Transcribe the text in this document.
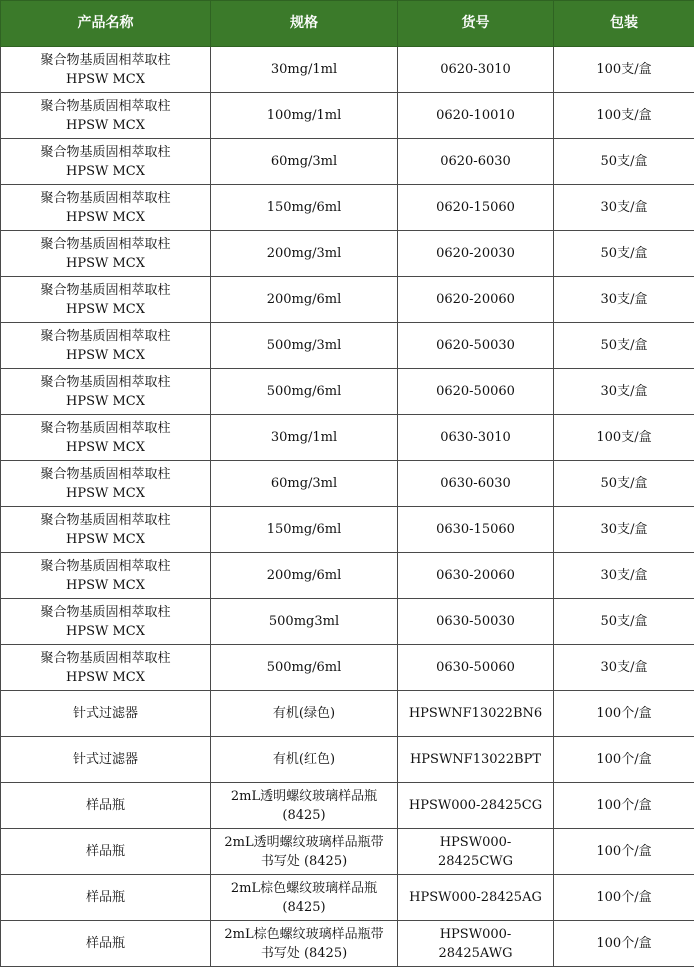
产品名称	规格	货号	包装

聚合物基质固相萃取柱
HPSW MCX	30mg/1ml	0620-3010	100支/盒

聚合物基质固相萃取柱
HPSW MCX	100mg/1ml	0620-10010	100支/盒

聚合物基质固相萃取柱
HPSW MCX	60mg/3ml	0620-6030	50支/盒

聚合物基质固相萃取柱
HPSW MCX	150mg/6ml	0620-15060	30支/盒

聚合物基质固相萃取柱
HPSW MCX	200mg/3ml	0620-20030	50支/盒

聚合物基质固相萃取柱
HPSW MCX	200mg/6ml	0620-20060	30支/盒

聚合物基质固相萃取柱
HPSW MCX	500mg/3ml	0620-50030	50支/盒

聚合物基质固相萃取柱
HPSW MCX	500mg/6ml	0620-50060	30支/盒

聚合物基质固相萃取柱
HPSW MCX	30mg/1ml	0630-3010	100支/盒

聚合物基质固相萃取柱
HPSW MCX	60mg/3ml	0630-6030	50支/盒

聚合物基质固相萃取柱
HPSW MCX	150mg/6ml	0630-15060	30支/盒

聚合物基质固相萃取柱
HPSW MCX	200mg/6ml	0630-20060	30支/盒

聚合物基质固相萃取柱
HPSW MCX	500mg3ml	0630-50030	50支/盒

聚合物基质固相萃取柱
HPSW MCX	500mg/6ml	0630-50060	30支/盒

针式过滤器	有机(绿色)	HPSWNF13022BN6	100个/盒

针式过滤器	有机(红色)	HPSWNF13022BPT	100个/盒

样品瓶	2mL透明螺纹玻璃样品瓶
(8425)	HPSW000-28425CG	100个/盒

样品瓶	2mL透明螺纹玻璃样品瓶带
书写处 (8425)	HPSW000-28425CWG	100个/盒

样品瓶	2mL棕色螺纹玻璃样品瓶
(8425)	HPSW000-28425AG	100个/盒

样品瓶	2mL棕色螺纹玻璃样品瓶带
书写处 (8425)	HPSW000-28425AWG	100个/盒
